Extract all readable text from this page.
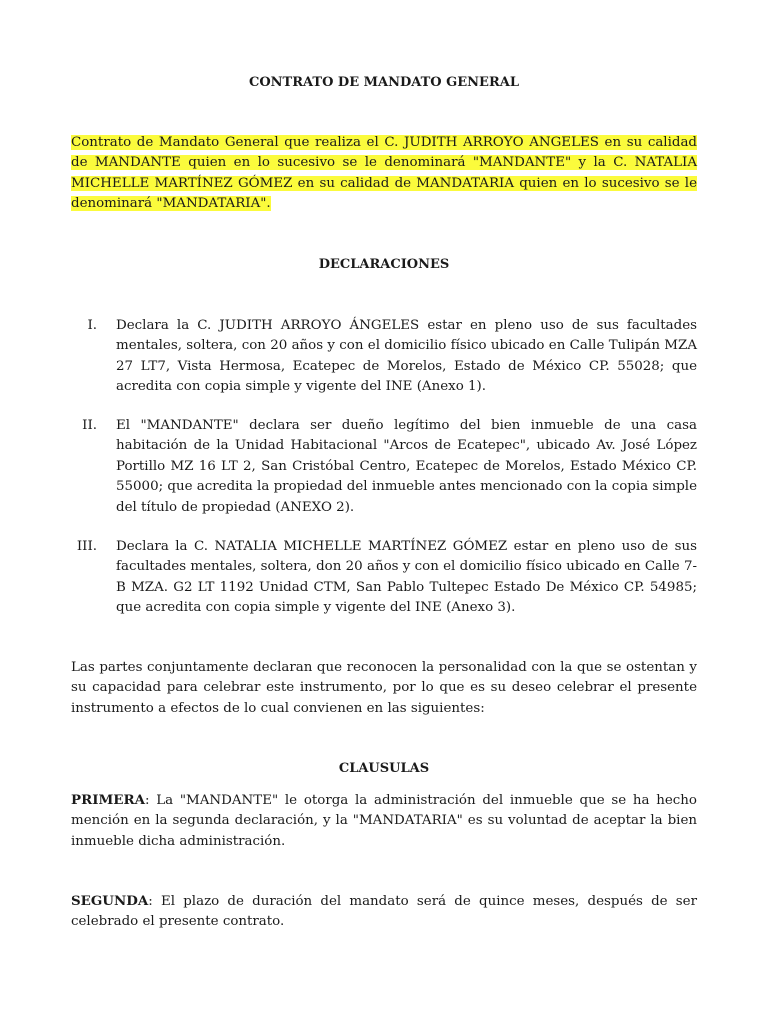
CONTRATO DE MANDATO GENERAL

Contrato de Mandato General que realiza el C. JUDITH ARROYO ANGELES en su calidad de MANDANTE quien en lo sucesivo se le denominará "MANDANTE" y la C. NATALIA MICHELLE MARTÍNEZ GÓMEZ en su calidad de MANDATARIA quien en lo sucesivo se le denominará "MANDATARIA".

DECLARACIONES
I. Declara la C. JUDITH ARROYO ÁNGELES estar en pleno uso de sus facultades mentales, soltera, con 20 años y con el domicilio físico ubicado en Calle Tulipán MZA 27 LT7, Vista Hermosa, Ecatepec de Morelos, Estado de México CP. 55028; que acredita con copia simple y vigente del INE (Anexo 1).

II. El "MANDANTE" declara ser dueño legítimo del bien inmueble de una casa habitación de la Unidad Habitacional "Arcos de Ecatepec", ubicado Av. José López Portillo MZ 16 LT 2, San Cristóbal Centro, Ecatepec de Morelos, Estado México CP. 55000; que acredita la propiedad del inmueble antes mencionado con la copia simple del título de propiedad (ANEXO 2).

III. Declara la C. NATALIA MICHELLE MARTÍNEZ GÓMEZ estar en pleno uso de sus facultades mentales, soltera, don 20 años y con el domicilio físico ubicado en Calle 7-B MZA. G2 LT 1192 Unidad CTM, San Pablo Tultepec Estado De México CP. 54985; que acredita con copia simple y vigente del INE (Anexo 3).

Las partes conjuntamente declaran que reconocen la personalidad con la que se ostentan y su capacidad para celebrar este instrumento, por lo que es su deseo celebrar el presente instrumento a efectos de lo cual convienen en las siguientes:

CLAUSULAS

PRIMERA: La "MANDANTE" le otorga la administración del inmueble que se ha hecho mención en la segunda declaración, y la "MANDATARIA" es su voluntad de aceptar la bien inmueble dicha administración.

SEGUNDA: El plazo de duración del mandato será de quince meses, después de ser celebrado el presente contrato.
